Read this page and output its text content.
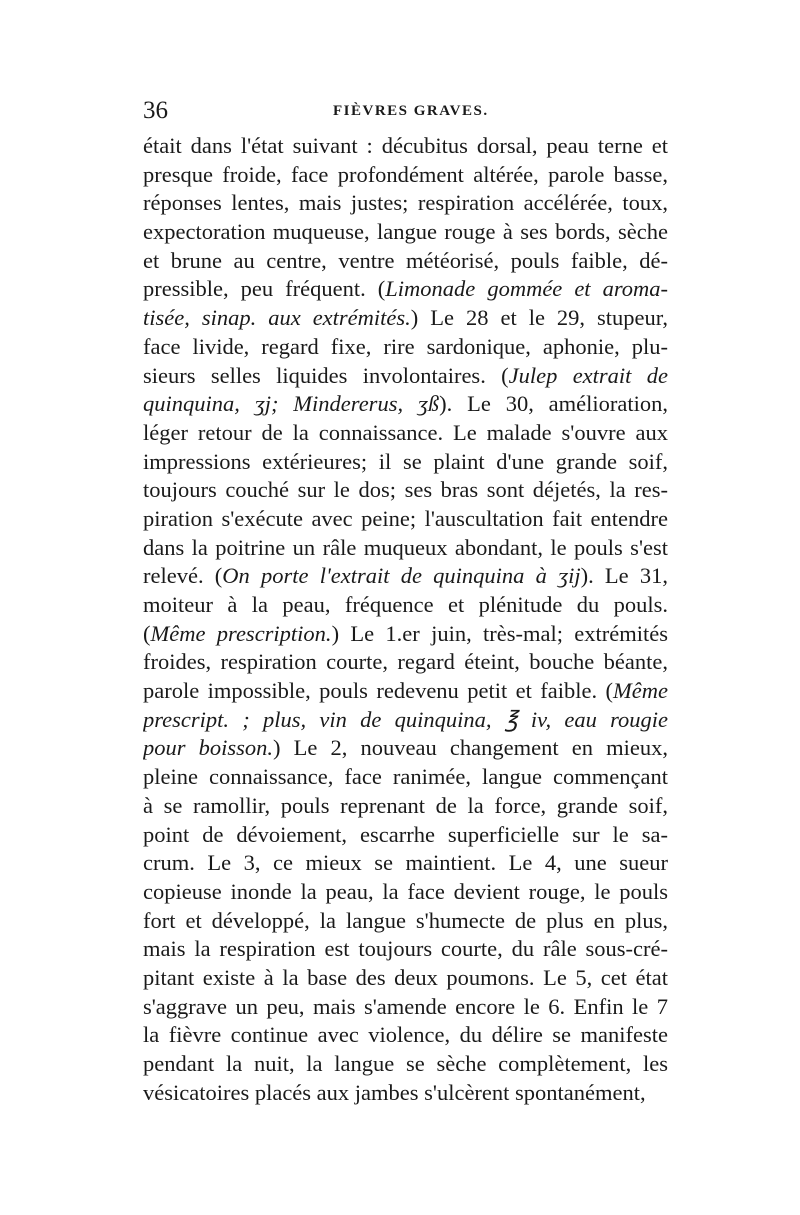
36	FIÈVRES GRAVES.
était dans l'état suivant : décubitus dorsal, peau terne et
presque froide, face profondément altérée, parole basse,
réponses lentes, mais justes; respiration accélérée, toux,
expectoration muqueuse, langue rouge à ses bords, sèche
et brune au centre, ventre météorisé, pouls faible, dé-
pressible, peu fréquent. (Limonade gommée et aroma-
tisée, sinap. aux extrémités.) Le 28 et le 29, stupeur,
face livide, regard fixe, rire sardonique, aphonie, plu-
sieurs selles liquides involontaires. (Julep extrait de
quinquina, ʒj; Mindererus, ʒß). Le 30, amélioration,
léger retour de la connaissance. Le malade s'ouvre aux
impressions extérieures; il se plaint d'une grande soif,
toujours couché sur le dos; ses bras sont déjetés, la res-
piration s'exécute avec peine; l'auscultation fait entendre
dans la poitrine un râle muqueux abondant, le pouls s'est
relevé. (On porte l'extrait de quinquina à ʒij). Le 31,
moiteur à la peau, fréquence et plénitude du pouls.
(Même prescription.) Le 1.er juin, très-mal; extrémités
froides, respiration courte, regard éteint, bouche béante,
parole impossible, pouls redevenu petit et faible. (Même
prescript. ; plus, vin de quinquina, ℥ iv, eau rougie
pour boisson.) Le 2, nouveau changement en mieux,
pleine connaissance, face ranimée, langue commençant
à se ramollir, pouls reprenant de la force, grande soif,
point de dévoiement, escarrhe superficielle sur le sa-
crum. Le 3, ce mieux se maintient. Le 4, une sueur
copieuse inonde la peau, la face devient rouge, le pouls
fort et développé, la langue s'humecte de plus en plus,
mais la respiration est toujours courte, du râle sous-cré-
pitant existe à la base des deux poumons. Le 5, cet état
s'aggrave un peu, mais s'amende encore le 6. Enfin le 7
la fièvre continue avec violence, du délire se manifeste
pendant la nuit, la langue se sèche complètement, les
vésicatoires placés aux jambes s'ulcèrent spontanément,
